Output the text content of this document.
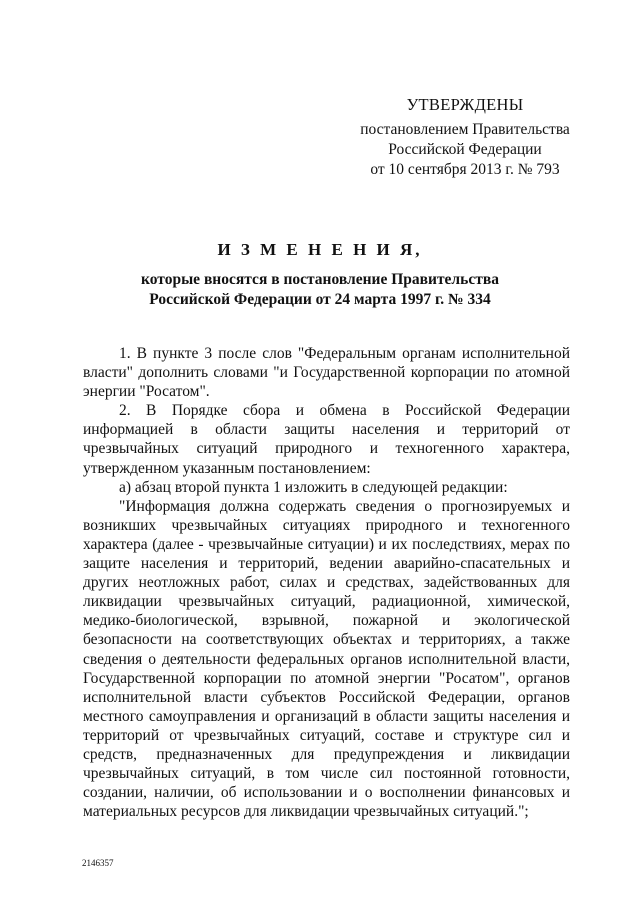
УТВЕРЖДЕНЫ
постановлением Правительства
Российской Федерации
от 10 сентября 2013 г. № 793
И З М Е Н Е Н И Я,
которые вносятся в постановление Правительства
Российской Федерации от 24 марта 1997 г. № 334

1. В пункте 3 после слов "Федеральным органам исполнительной власти" дополнить словами "и Государственной корпорации по атомной энергии "Росатом".

2. В Порядке сбора и обмена в Российской Федерации информацией в области защиты населения и территорий от чрезвычайных ситуаций природного и техногенного характера, утвержденном указанным постановлением:

а) абзац второй пункта 1 изложить в следующей редакции:

"Информация должна содержать сведения о прогнозируемых и возникших чрезвычайных ситуациях природного и техногенного характера (далее - чрезвычайные ситуации) и их последствиях, мерах по защите населения и территорий, ведении аварийно-спасательных и других неотложных работ, силах и средствах, задействованных для ликвидации чрезвычайных ситуаций, радиационной, химической, медико-биологической, взрывной, пожарной и экологической безопасности на соответствующих объектах и территориях, а также сведения о деятельности федеральных органов исполнительной власти, Государственной корпорации по атомной энергии "Росатом", органов исполнительной власти субъектов Российской Федерации, органов местного самоуправления и организаций в области защиты населения и территорий от чрезвычайных ситуаций, составе и структуре сил и средств, предназначенных для предупреждения и ликвидации чрезвычайных ситуаций, в том числе сил постоянной готовности, создании, наличии, об использовании и о восполнении финансовых и материальных ресурсов для ликвидации чрезвычайных ситуаций.";

2146357
